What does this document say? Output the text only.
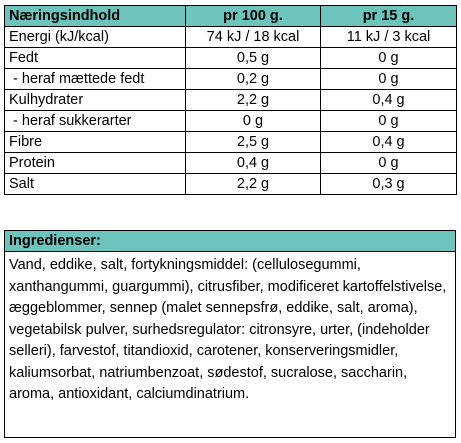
Næringsindhold	pr 100 g.	pr 15 g.
Energi (kJ/kcal)	74 kJ / 18 kcal	11 kJ / 3 kcal
Fedt	0,5 g	0 g
- heraf mættede fedt	0,2 g	0 g
Kulhydrater	2,2 g	0,4 g
- heraf sukkerarter	0 g	0 g
Fibre	2,5 g	0,4 g
Protein	0,4 g	0 g
Salt	2,2 g	0,3 g
Ingredienser:
Vand, eddike, salt, fortykningsmiddel: (cellulosegummi, xanthangummi, guargummi), citrusfiber, modificeret kartoffelstivelse, æggeblommer, sennep (malet sennepsfrø, eddike, salt, aroma), vegetabilsk pulver, surhedsregulator: citronsyre, urter, (indeholder selleri), farvestof, titandioxid, carotener, konserveringsmidler, kaliumsorbat, natriumbenzoat, sødestof, sucralose, saccharin, aroma, antioxidant, calciumdinatrium.
